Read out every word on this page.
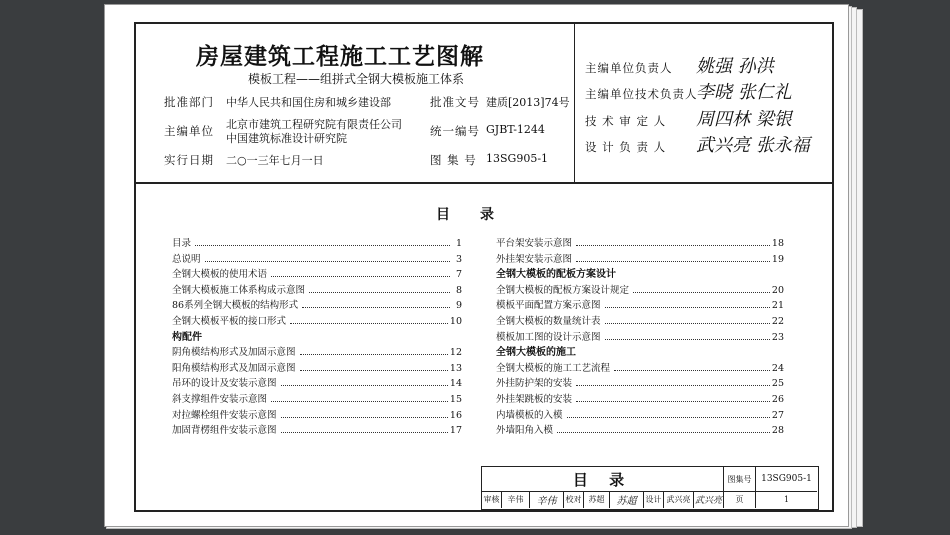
房屋建筑工程施工工艺图解
模板工程——组拼式全钢大模板施工体系
批准部门 中华人民共和国住房和城乡建设部	批准文号 建质[2013]74号
主编单位 北京市建筑工程研究院有限责任公司
中国建筑标准设计研究院
统一编号 GJBT-1244
实行日期 二○一三年七月一日	图 集 号 13SG905-1
主编单位负责人 姚强 孙洪
主编单位技术负责人
李晓 张仁礼
技 术 审 定 人 周四林 梁银
设 计 负 责 人 武兴亮 张永福
目录
目录	1
总说明	3
全钢大模板的使用术语	7
全钢大模板施工体系构成示意图	8
86系列全钢大模板的结构形式	9
全钢大模板平板的接口形式	10
构配件
阴角模结构形式及加固示意图	12
阳角模结构形式及加固示意图	13
吊环的设计及安装示意图	14
斜支撑组件安装示意图	15
对拉螺栓组件安装示意图	16
加固背楞组件安装示意图	17
平台架安装示意图	18
外挂架安装示意图	19
全钢大模板的配板方案设计
全钢大模板的配板方案设计规定	20
模板平面配置方案示意图	21
全钢大模板的数量统计表	22
模板加工图的设计示意图	23
全钢大模板的施工
全钢大模板的施工工艺流程	24
外挂防护架的安装	25
外挂架跳板的安装	26
内墙模板的入模	27
外墙阳角入模	28
目 录	图集号	13SG905-1
审核	辛伟	辛伟	校对 苏超	苏超	设计 武兴亮 武兴亮	页	1
